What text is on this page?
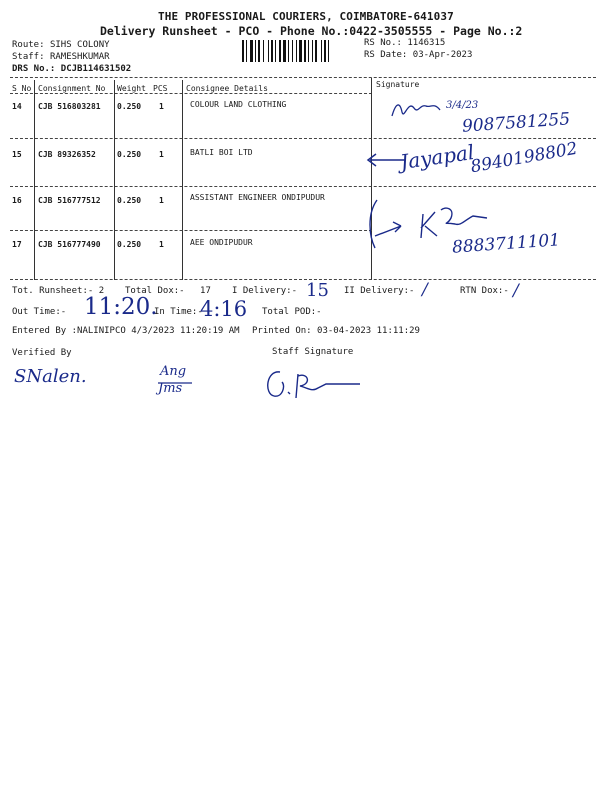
THE PROFESSIONAL COURIERS, COIMBATORE-641037
Delivery Runsheet - PCO - Phone No.:0422-3505555 - Page No.:2
Route: SIHS COLONY
Staff: RAMESHKUMAR
DRS No.: DCJB114631502
RS No.: 1146315
RS Date: 03-Apr-2023
S No Consignment No Weight PCS Consignee Details	Signature
14 CJB 516803281 0.250 1	COLOUR LAND CLOTHING
15 CJB 89326352	0.250 1	BATLI BOI LTD
16 CJB 516777512 0.250 1	ASSISTANT ENGINEER ONDIPUDUR
17 CJB 516777490 0.250 1	AEE ONDIPUDUR
3/4/23
9087581255
Jayapal
8940198802
8883711101
Tot. Runsheet:- 2 Total Dox:- 17 I Delivery:- 15 II Delivery:- /	RTN Dox:- /
Out Time:- 11:20.
In Time:-
4:16 Total POD:-
Entered By :NALINIPCO 4/3/2023 11:20:19 AM Printed On: 03-04-2023 11:11:29
Verified By	Staff Signature
SNalen.	Ang
Jms
